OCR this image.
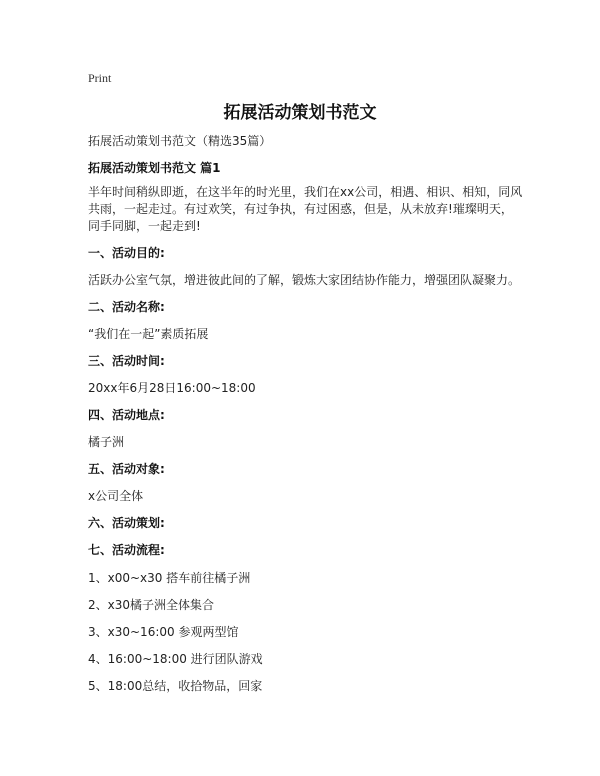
Print
拓展活动策划书范文
拓展活动策划书范文（精选35篇）
拓展活动策划书范文 篇1
半年时间稍纵即逝，在这半年的时光里，我们在xx公司，相遇、相识、相知，同风
共雨，一起走过。有过欢笑，有过争执，有过困惑，但是，从未放弃!璀璨明天，
同手同脚，一起走到!
一、活动目的:
活跃办公室气氛，增进彼此间的了解，锻炼大家团结协作能力，增强团队凝聚力。
二、活动名称:
“我们在一起”素质拓展
三、活动时间:
20xx年6月28日16:00~18:00
四、活动地点:
橘子洲
五、活动对象:
x公司全体
六、活动策划:
七、活动流程:
1、x00~x30 搭车前往橘子洲
2、x30橘子洲全体集合
3、x30~16:00 参观两型馆
4、16:00~18:00 进行团队游戏
5、18:00总结，收拾物品，回家
